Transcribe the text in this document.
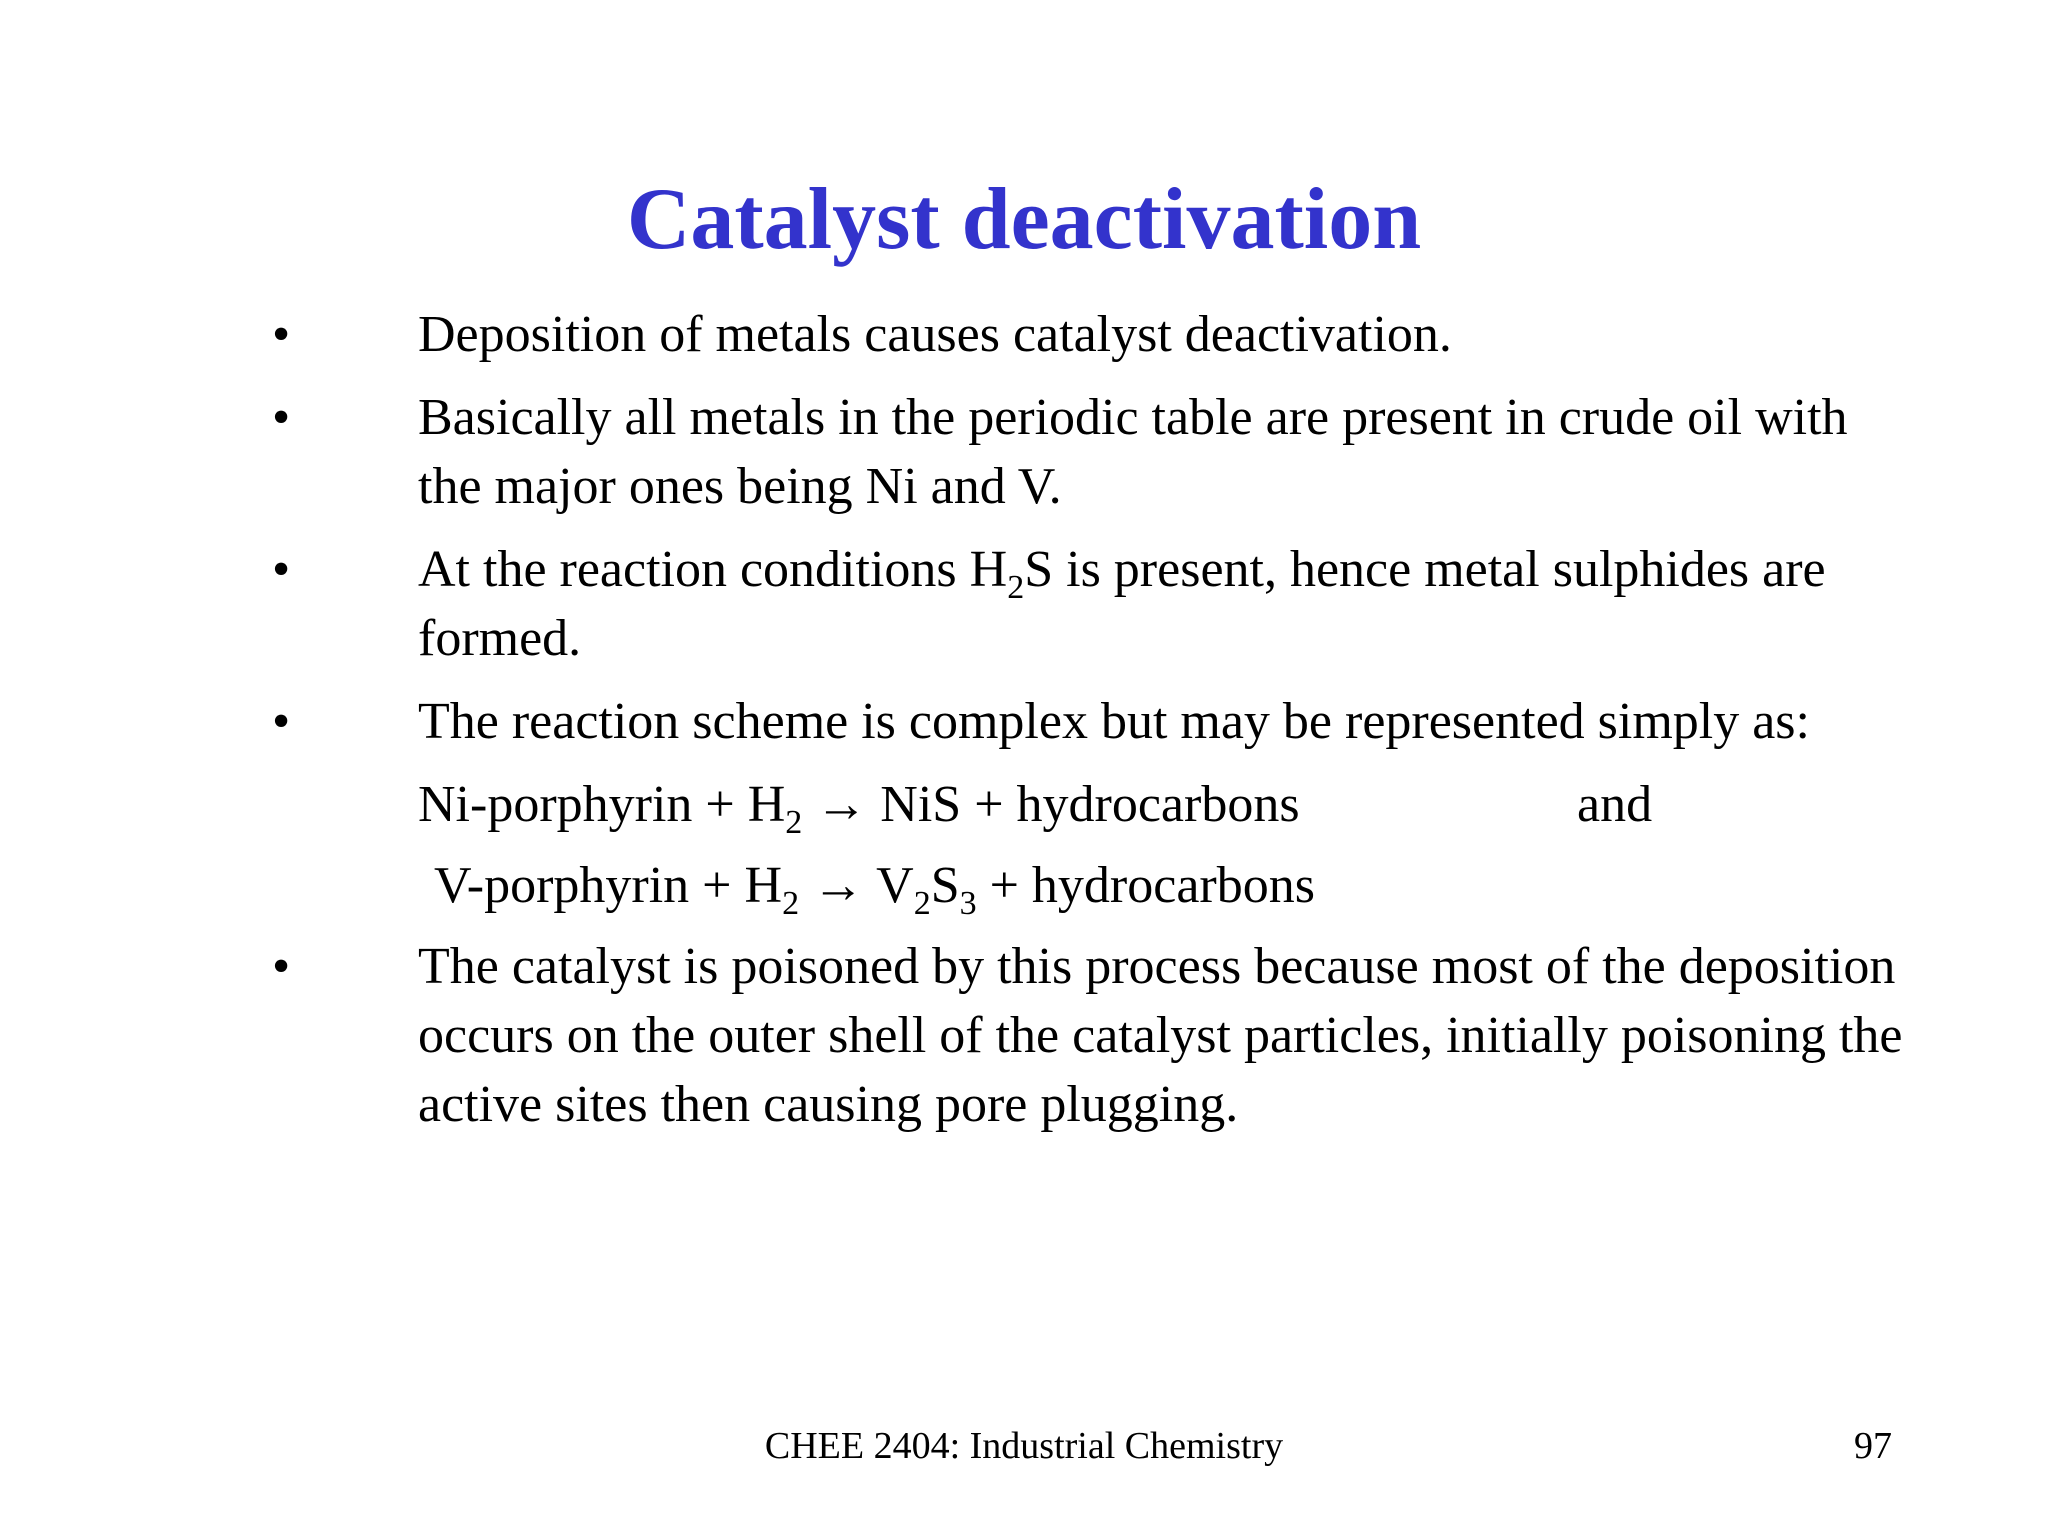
Catalyst deactivation
• Deposition of metals causes catalyst deactivation.
• Basically all metals in the periodic table are present in crude oil with the major ones being Ni and V.
• At the reaction conditions $H_2S$ is present, hence metal sulphides are formed.
• The reaction scheme is complex but may be represented simply as:
Ni-porphyrin + $H_2$ → NiS + hydrocarbons	and
V-porphyrin + $H_2 \to V_2S_3$ + hydrocarbons
• The catalyst is poisoned by this process because most of the deposition occurs on the outer shell of the catalyst particles, initially poisoning the active sites then causing pore plugging.
CHEE 2404: Industrial Chemistry	97
